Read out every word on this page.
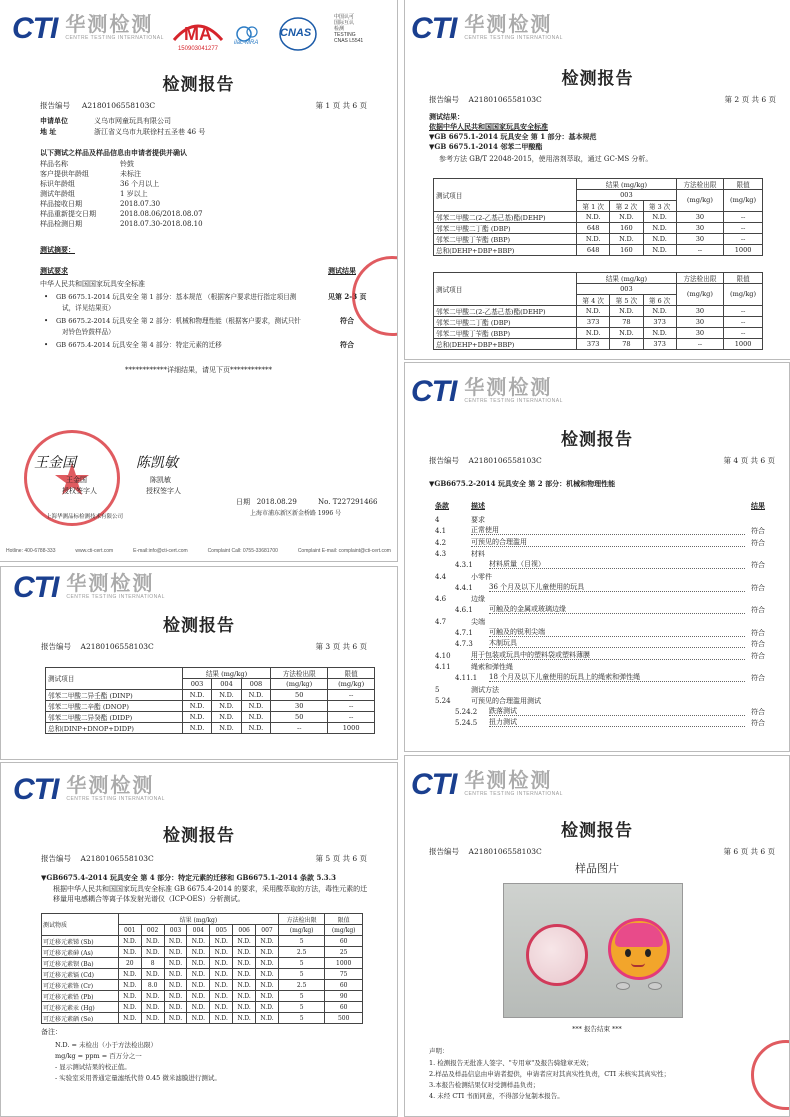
CTI 华测检测
CENTRE TESTING INTERNATIONAL MA
150903041277
ilac-MRA
CNAS
中国认可
国际互认
检测
TESTING
CNAS L5541
检测报告
报告编号 A2180106558103C	第 1 页 共 6 页
申请单位	义乌市网童玩具有限公司
地 址	浙江省义乌市九联徐村五圣巷 46 号
以下测试之样品及样品信息由申请者提供并确认
样品名称	铃鼓
客户提供年龄组	未标注
标识年龄组	36 个月以上
测试年龄组	1 岁以上
样品接收日期	2018.07.30
样品重新提交日期	2018.08.06/2018.08.07
样品检测日期	2018.07.30-2018.08.10
测试摘要：
测试要求	测试结果
中华人民共和国国家玩具安全标准
• GB 6675.1-2014 玩具安全 第 1 部分：基本规范 （根据客户要求进行指定项目测
试，详见结果页）
见第 2-3 页
• GB 6675.2-2014 玩具安全 第 2 部分：机械和物理性能（根据客户要求，测试只针
对铃色铃鼓样品）
符合
• GB 6675.4-2014 玩具安全 第 4 部分：特定元素的迁移	符合
************详细结果，请见下页************
王金国	陈凯敏
王金国
授权签字人
陈凯敏
授权签字人
上海华测品标检测技术有限公司
日期 2018.08.29	No. T227291466
上海市浦东新区新金桥路 1996 号
Hotline: 400-6788-333	www.cti-cert.com	E-mail:info@cti-cert.com	Complaint Call: 0755-33681700	Complaint E-mail: complaint@cti-cert.com
CTI 华测检测
CENTRE TESTING INTERNATIONAL
检测报告
报告编号 A2180106558103C	第 2 页 共 6 页
测试结果：
依据中华人民共和国国家玩具安全标准
▼GB 6675.1-2014 玩具安全 第 1 部分：基本规范
▼GB 6675.1-2014 邻苯二甲酸酯
参考方法 GB/T 22048-2015，使用溶剂萃取，通过 GC-MS 分析。
测试项目	结果 (mg/kg)			方法检出限	限值
	003			(mg/kg)	(mg/kg)
	第 1 次	第 2 次	第 3 次		
邻苯二甲酸二(2-乙基己基)酯(DEHP)	N.D.	N.D.	N.D.	30	--
邻苯二甲酸二丁酯 (DBP)	648	160	N.D.	30	--
邻苯二甲酸丁苄酯 (BBP)	N.D.	N.D.	N.D.	30	--
总和(DEHP+DBP+BBP)	648	160	N.D.	--	1000
测试项目	结果 (mg/kg)			方法检出限	限值
	003			(mg/kg)	(mg/kg)
	第 4 次	第 5 次	第 6 次		
邻苯二甲酸二(2-乙基己基)酯(DEHP)	N.D.	N.D.	N.D.	30	--
邻苯二甲酸二丁酯 (DBP)	373	78	373	30	--
邻苯二甲酸丁苄酯 (BBP)	N.D.	N.D.	N.D.	30	--
总和(DEHP+DBP+BBP)	373	78	373	--	1000
CTI 华测检测
CENTRE TESTING INTERNATIONAL
检测报告
报告编号 A2180106558103C	第 4 页 共 6 页
▼GB6675.2-2014 玩具安全 第 2 部分：机械和物理性能
条款	描述	结果
4	要求
4.1	正常使用	符合
4.2	可预见的合理滥用	符合
4.3	材料
4.3.1 材料质量（目视）	符合
4.4	小零件
4.4.1 36 个月及以下儿童使用的玩具	符合
4.6	边缘
4.6.1 可触及的金属或玻璃边缘	符合
4.7	尖端
4.7.1 可触及的锐利尖端	符合
4.7.3 木制玩具	符合
4.10	用于包装或玩具中的塑料袋或塑料薄膜	符合
4.11	绳索和弹性绳
4.11.1 18 个月及以下儿童使用的玩具上的绳索和弹性绳	符合
5	测试方法
5.24	可预见的合理滥用测试
5.24.2 跌落测试	符合
5.24.5 扭力测试	符合
CTI 华测检测
CENTRE TESTING INTERNATIONAL
检测报告
报告编号 A2180106558103C	第 3 页 共 6 页
测试项目	结果 (mg/kg)			方法检出限	限值
	003	004	008	(mg/kg)	(mg/kg)
邻苯二甲酸二异壬酯 (DINP)	N.D.	N.D.	N.D.	50	--
邻苯二甲酸二辛酯 (DNOP)	N.D.	N.D.	N.D.	30	--
邻苯二甲酸二异癸酯 (DIDP)	N.D.	N.D.	N.D.	50	--
总和(DINP+DNOP+DIDP)	N.D.	N.D.	N.D.	--	1000
CTI 华测检测
CENTRE TESTING INTERNATIONAL
检测报告
报告编号 A2180106558103C	第 5 页 共 6 页
▼GB6675.4-2014 玩具安全 第 4 部分：特定元素的迁移和 GB6675.1-2014 条款 5.3.3
根据中华人民共和国国家玩具安全标准 GB 6675.4-2014 的要求，采用酸萃取的方法，毒性元素的迁
移量用电感耦合等离子体发射光谱仪（ICP-OES）分析测试。
测试物质	结果 (mg/kg)							方法检出限	限值
	001	002	003	004	005	006	007	(mg/kg)	(mg/kg)
可迁移元素锑 (Sb)	N.D.	N.D.	N.D.	N.D.	N.D.	N.D.	N.D.	5	60
可迁移元素砷 (As)	N.D.	N.D.	N.D.	N.D.	N.D.	N.D.	N.D.	2.5	25
可迁移元素钡 (Ba)	20	8	N.D.	N.D.	N.D.	N.D.	N.D.	5	1000
可迁移元素镉 (Cd)	N.D.	N.D.	N.D.	N.D.	N.D.	N.D.	N.D.	5	75
可迁移元素铬 (Cr)	N.D.	8.0	N.D.	N.D.	N.D.	N.D.	N.D.	2.5	60
可迁移元素铅 (Pb)	N.D.	N.D.	N.D.	N.D.	N.D.	N.D.	N.D.	5	90
可迁移元素汞 (Hg)	N.D.	N.D.	N.D.	N.D.	N.D.	N.D.	N.D.	5	60
可迁移元素硒 (Se)	N.D.	N.D.	N.D.	N.D.	N.D.	N.D.	N.D.	5	500
备注：
N.D. = 未检出（小于方法检出限）
mg/kg = ppm = 百万分之一
- 显示测试结果的校正值。
- 实验室采用普通定量滤纸代替 0.45 微米滤膜进行测试。
CTI 华测检测
CENTRE TESTING INTERNATIONAL
检测报告
报告编号 A2180106558103C	第 6 页 共 6 页
样品图片
*** 报告结束 ***
声明：
1. 检测报告无批准人签字、"专用章"及报告骑缝章无效；
2.样品及样品信息由申请者提供，申请者应对其真实性负责，CTI 未核实其真实性；
3.本报告检测结果仅对受测样品负责；
4. 未经 CTI 书面同意，不得部分复制本报告。
